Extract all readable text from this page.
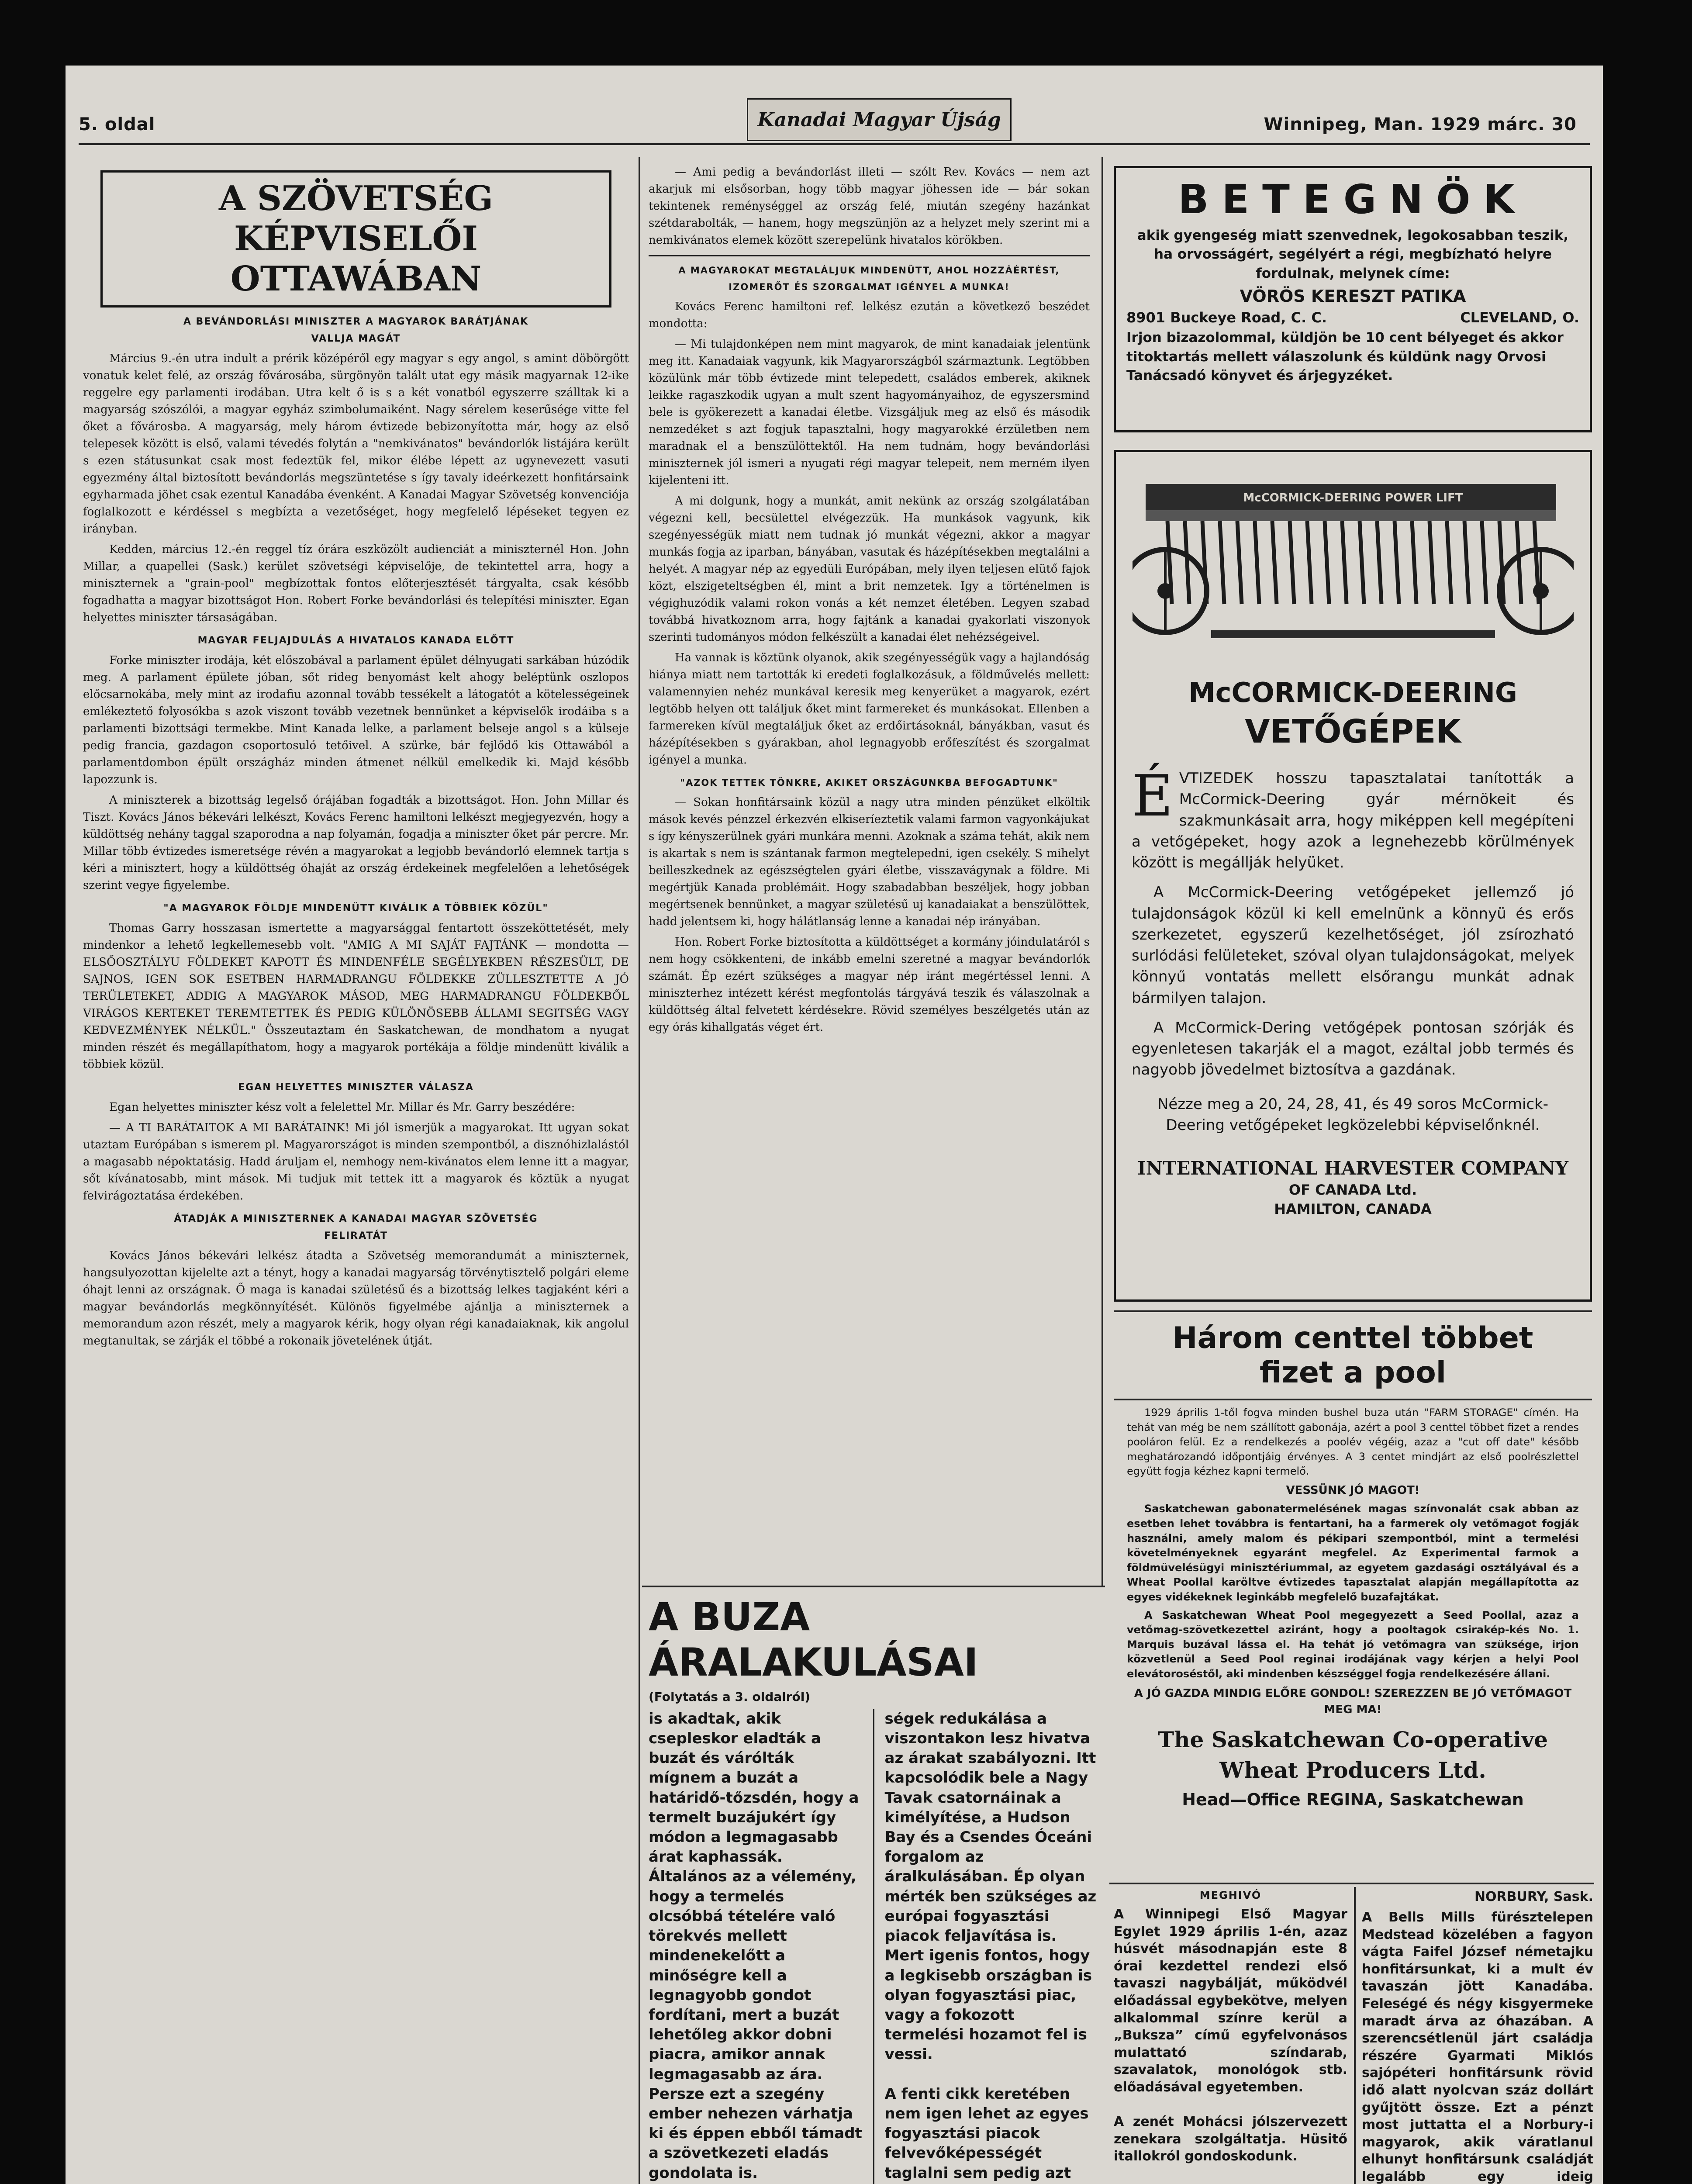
5. oldal	Kanadai Magyar Újság	Winnipeg, Man. 1929 márc. 30

A SZÖVETSÉG KÉPVISELŐI

OTTAWÁBAN

A BEVÁNDORLÁSI MINISZTER A MAGYAROK BARÁTJÁNAK

VALLJA MAGÁT

Március 9.-én utra indult a prérik középéről egy magyar s egy angol, s amint döbörgött vonatuk kelet felé, az ország fővárosába, sürgönyön talált utat egy másik magyarnak 12-ike reggelre egy parlamenti irodában. Utra kelt ő is s a két vonatból egyszerre szálltak ki a magyarság szószólói, a magyar egyház szimbolumaiként. Nagy sérelem keserűsége vitte fel őket a fővárosba. A magyarság, mely három évtizede bebizonyította már, hogy az első telepesek között is első, valami tévedés folytán a "nemkivánatos" bevándorlók listájára került s ezen státusunkat csak most fedeztük fel, mikor élébe lépett az ugynevezett vasuti egyezmény által biztosított bevándorlás megszüntetése s így tavaly ideérkezett honfitársaink egyharmada jöhet csak ezentul Kanadába évenként. A Kanadai Magyar Szövetség konvenciója foglalkozott e kérdéssel s megbízta a vezetőséget, hogy megfelelő lépéseket tegyen ez irányban.

Kedden, március 12.-én reggel tíz órára eszközölt audienciát a miniszternél Hon. John Millar, a quapellei (Sask.) kerület szövetségi képviselője, de tekintettel arra, hogy a miniszternek a "grain-pool" megbízottak fontos előterjesztését tárgyalta, csak később fogadhatta a magyar bizottságot Hon. Robert Forke bevándorlási és telepítési miniszter. Egan helyettes miniszter társaságában.

MAGYAR FELJAJDULÁS A HIVATALOS KANADA ELŐTT

Forke miniszter irodája, két előszobával a parlament épület délnyugati sarkában húzódik meg. A parlament épülete jóban, sőt rideg benyomást kelt ahogy beléptünk oszlopos előcsarnokába, mely mint az irodafiu azonnal tovább tessékelt a látogatót a kötelességeinek emlékeztető folyosókba s azok viszont tovább vezetnek bennünket a képviselők irodáiba s a parlamenti bizottsági termekbe. Mint Kanada lelke, a parlament belseje angol s a külseje pedig francia, gazdagon csoportosuló tetőivel. A szürke, bár fejlődő kis Ottawából a parlamentdombon épült országház minden átmenet nélkül emelkedik ki. Majd később lapozzunk is.

A miniszterek a bizottság legelső órájában fogadták a bizottságot. Hon. John Millar és Tiszt. Kovács János békevári lelkészt, Kovács Ferenc hamiltoni lelkészt megjegyezvén, hogy a küldöttség nehány taggal szaporodna a nap folyamán, fogadja a miniszter őket pár percre. Mr. Millar több évtizedes ismeretsége révén a magyarokat a legjobb bevándorló elemnek tartja s kéri a minisztert, hogy a küldöttség óhaját az ország érdekeinek megfelelően a lehetőségek szerint vegye figyelembe.

"A MAGYAROK FÖLDJE MINDENÜTT KIVÁLIK A TÖBBIEK KÖZÜL"

Thomas Garry hosszasan ismertette a magyarsággal fentartott összeköttetését, mely mindenkor a lehető legkellemesebb volt. "AMIG A MI SAJÁT FAJTÁNK — mondotta — ELSŐOSZTÁLYU FÖLDEKET KAPOTT ÉS MINDENFÉLE SEGÉLYEKBEN RÉSZESÜLT, DE SAJNOS, IGEN SOK ESETBEN HARMADRANGU FÖLDEKKE ZÜLLESZTETTE A JÓ TERÜLETEKET, ADDIG A MAGYAROK MÁSOD, MEG HARMADRANGU FÖLDEKBŐL VIRÁGOS KERTEKET TEREMTETTEK ÉS PEDIG KÜLÖNÖSEBB ÁLLAMI SEGITSÉG VAGY KEDVEZMÉNYEK NÉLKÜL." Összeutaztam én Saskatchewan, de mondhatom a nyugat minden részét és megállapíthatom, hogy a magyarok portékája a földje mindenütt kiválik a többiek közül.

EGAN HELYETTES MINISZTER VÁLASZA

Egan helyettes miniszter kész volt a felelettel Mr. Millar és Mr. Garry beszédére:

— A TI BARÁTAITOK A MI BARÁTAINK! Mi jól ismerjük a magyarokat. Itt ugyan sokat utaztam Európában s ismerem pl. Magyarországot is minden szempontból, a disznóhizlalástól a magasabb népoktatásig. Hadd áruljam el, nemhogy nem-kivánatos elem lenne itt a magyar, sőt kívánatosabb, mint mások. Mi tudjuk mit tettek itt a magyarok és köztük a nyugat felvirágoztatása érdekében.

ÁTADJÁK A MINISZTERNEK A KANADAI MAGYAR SZÖVETSÉG

FELIRATÁT

Kovács János békevári lelkész átadta a Szövetség memorandumát a miniszternek, hangsulyozottan kijelelte azt a tényt, hogy a kanadai magyarság törvénytisztelő polgári eleme óhajt lenni az országnak. Ő maga is kanadai születésű és a bizottság lelkes tagjaként kéri a magyar bevándorlás megkönnyítését. Különös figyelmébe ajánlja a miniszternek a memorandum azon részét, mely a magyarok kérik, hogy olyan régi kanadaiaknak, kik angolul megtanultak, se zárják el többé a rokonaik jövetelének útját.

— Ami pedig a bevándorlást illeti — szólt Rev. Kovács — nem azt akarjuk mi elsősorban, hogy több magyar jöhessen ide — bár sokan tekintenek reménységgel az ország felé, miután szegény hazánkat szétdarabolták, — hanem, hogy megszünjön az a helyzet mely szerint mi a nemkivánatos elemek között szerepelünk hivatalos körökben.

A MAGYAROKAT MEGTALÁLJUK MINDENÜTT, AHOL HOZZÁÉRTÉST,

IZOMERŐT ÉS SZORGALMAT IGÉNYEL A MUNKA!

Kovács Ferenc hamiltoni ref. lelkész ezután a következő beszédet mondotta:

— Mi tulajdonképen nem mint magyarok, de mint kanadaiak jelentünk meg itt. Kanadaiak vagyunk, kik Magyarországból származtunk. Legtöbben közülünk már több évtizede mint telepedett, családos emberek, akiknek leikke ragaszkodik ugyan a mult szent hagyományaihoz, de egyszersmind bele is gyökerezett a kanadai életbe. Vizsgáljuk meg az első és második nemzedéket s azt fogjuk tapasztalni, hogy magyarokké érzületben nem maradnak el a benszülöttektől. Ha nem tudnám, hogy bevándorlási miniszternek jól ismeri a nyugati régi magyar telepeit, nem merném ilyen kijelenteni itt.

A mi dolgunk, hogy a munkát, amit nekünk az ország szolgálatában végezni kell, becsülettel elvégezzük. Ha munkások vagyunk, kik szegényességük miatt nem tudnak jó munkát végezni, akkor a magyar munkás fogja az iparban, bányában, vasutak és házépítésekben megtalálni a helyét. A magyar nép az egyedüli Európában, mely ilyen teljesen elütő fajok közt, elszigeteltségben él, mint a brit nemzetek. Igy a történelmen is végighuzódik valami rokon vonás a két nemzet életében. Legyen szabad továbbá hivatkoznom arra, hogy fajtánk a kanadai gyakorlati viszonyok szerinti tudományos módon felkészült a kanadai élet nehézségeivel.

Ha vannak is köztünk olyanok, akik szegényességük vagy a hajlandóság hiánya miatt nem tartották ki eredeti foglalkozásuk, a földművelés mellett: valamennyien nehéz munkával keresik meg kenyerüket a magyarok, ezért legtöbb helyen ott találjuk őket mint farmereket és munkásokat. Ellenben a farmereken kívül megtaláljuk őket az erdőirtásoknál, bányákban, vasut és házépítésekben s gyárakban, ahol legnagyobb erőfeszítést és szorgalmat igényel a munka.

"AZOK TETTEK TÖNKRE, AKIKET ORSZÁGUNKBA BEFOGADTUNK"

— Sokan honfitársaink közül a nagy utra minden pénzüket elköltik mások kevés pénzzel érkezvén elkiseríeztetik valami farmon vagyonkájukat s így kényszerülnek gyári munkára menni. Azoknak a száma tehát, akik nem is akartak s nem is szántanak farmon megtelepedni, igen csekély. S mihelyt beilleszkednek az egészségtelen gyári életbe, visszavágynak a földre. Mi megértjük Kanada problémáit. Hogy szabadabban beszéljek, hogy jobban megértsenek bennünket, a magyar születésű uj kanadaiakat a benszülöttek, hadd jelentsem ki, hogy hálátlanság lenne a kanadai nép irányában.

Hon. Robert Forke biztosította a küldöttséget a kormány jóindulatáról s nem hogy csökkenteni, de inkább emelni szeretné a magyar bevándorlók számát. Ép ezért szükséges a magyar nép iránt megértéssel lenni. A miniszterhez intézett kérést megfontolás tárgyává teszik és válaszolnak a küldöttség által felvetett kérdésekre. Rövid személyes beszélgetés után az egy órás kihallgatás véget ért.

A BUZA ÁRALAKULÁSAI

(Folytatás a 3. oldalról)

is akadtak, akik csepleskor eladták a buzát és várólták mígnem a buzát a határidő-tőzsdén, hogy a termelt buzájukért így módon a legmagasabb árat kaphassák. Általános az a vélemény, hogy a termelés olcsóbbá tételére való törekvés mellett mindenekelőtt a minőségre kell a legnagyobb gondot fordítani, mert a buzát lehetőleg akkor dobni piacra, amikor annak legmagasabb az ára. Persze ezt a szegény ember nehezen várhatja ki és éppen ebből támadt a szövetkezeti eladás gondolata is.

ségek redukálása a viszontakon lesz hivatva az árakat szabályozni. Itt kapcsolódik bele a Nagy Tavak csatornáinak a kimélyítése, a Hudson Bay és a Csendes Óceáni forgalom az áralkulásában. Ép olyan mérték ben szükséges az európai fogyasztási piacok feljavítása is. Mert igenis fontos, hogy a legkisebb országban is olyan fogyasztási piac, vagy a fokozott termelési hozamot fel is vessi.

A fenti cikk keretében nem igen lehet az egyes fogyasztási piacok felvevőképességét taglalni sem pedig azt

BETEGNÖK

akik gyengeség miatt szenvednek, legokosabban teszik,

ha orvosságért, segélyért a régi, megbízható helyre fordulnak, melynek címe:

VÖRÖS KERESZT PATIKA

8901 Buckeye Road, C. C.	CLEVELAND, O.

Irjon bizazolommal, küldjön be 10 cent bélyeget és akkor titoktartás mellett válaszolunk és küldünk nagy Orvosi Tanácsadó könyvet és árjegyzéket.

McCORMICK-DEERING POWER LIFT

McCORMICK-DEERING

VETŐGÉPEK

ÉVTIZEDEK hosszu tapasztalatai tanították a McCormick-Deering gyár mérnökeit és szakmunkásait arra, hogy miképpen kell megépíteni a vetőgépeket, hogy azok a legnehezebb körülmények között is megállják helyüket.

A McCormick-Deering vetőgépeket jellemző jó tulajdonságok közül ki kell emelnünk a könnyü és erős szerkezetet, egyszerű kezelhetőséget, jól zsírozható surlódási felületeket, szóval olyan tulajdonságokat, melyek könnyű vontatás mellett elsőrangu munkát adnak bármilyen talajon.

A McCormick-Dering vetőgépek pontosan szórják és egyenletesen takarják el a magot, ezáltal jobb termés és nagyobb jövedelmet biztosítva a gazdának.

Nézze meg a 20, 24, 28, 41, és 49 soros McCormick-Deering vetőgépeket legközelebbi képviselőnknél.

INTERNATIONAL HARVESTER COMPANY

OF CANADA Ltd.

HAMILTON, CANADA

Három centtel többet

fizet a pool

1929 április 1-től fogva minden bushel buza után "FARM STORAGE" címén. Ha tehát van még be nem szállított gabonája, azért a pool 3 centtel többet fizet a rendes pooláron felül. Ez a rendelkezés a poolév végéig, azaz a "cut off date" később meghatározandó időpontjáig érvényes. A 3 centet mindjárt az első poolrészlettel együtt fogja kézhez kapni termelő.

VESSÜNK JÓ MAGOT!

Saskatchewan gabonatermelésének magas színvonalát csak abban az esetben lehet továbbra is fentartani, ha a farmerek oly vetőmagot fogják használni, amely malom és pékipari szempontból, mint a termelési követelményeknek egyaránt megfelel. Az Experimental farmok a földmüvelésügyi minisztériummal, az egyetem gazdasági osztályával és a Wheat Poollal karöltve évtizedes tapasztalat alapján megállapította az egyes vidékeknek leginkább megfelelő buzafajtákat.

A Saskatchewan Wheat Pool megegyezett a Seed Poollal, azaz a vetőmag-szövetkezettel aziránt, hogy a pooltagok csirakép-kés No. 1. Marquis buzával lássa el. Ha tehát jó vetőmagra van szüksége, irjon közvetlenül a Seed Pool reginai irodájának vagy kérjen a helyi Pool elevátoroséstől, aki mindenben készséggel fogja rendelkezésére állani.

A JÓ GAZDA MINDIG ELŐRE GONDOL! SZEREZZEN BE JÓ VETŐMAGOT MEG MA!

The Saskatchewan Co-operative

Wheat Producers Ltd.

Head—Office REGINA, Saskatchewan

MEGHIVÓ

A Winnipegi Első Magyar Egylet 1929 április 1-én, azaz húsvét másodnapján este 8 órai kezdettel rendezi első tavaszi nagybálját, működvél előadással egybekötve, melyen alkalommal színre kerül a „Bukszaˮ című egyfelvonásos mulattató színdarab, szavalatok, monológok stb. előadásával egyetemben.

A zenét Mohácsi jólszervezett zenekara szolgáltatja. Hüsitő itallokról gondoskodunk.

NORBURY, Sask.

A Bells Mills fürésztelepen Medstead közelében a fagyon vágta Faifel József németajku honfitársunkat, ki a mult év tavaszán jött Kanadába. Feleségé és négy kisgyermeke maradt árva az óhazában. A szerencsétlenül járt családja részére Gyarmati Miklós sajópéteri honfitársunk rövid idő alatt nyolcvan száz dollárt gyűjtött össze. Ezt a pénzt most juttatta el a Norbury-i magyarok, akik váratlanul elhunyt honfitársunk családját legalább egy ideig
